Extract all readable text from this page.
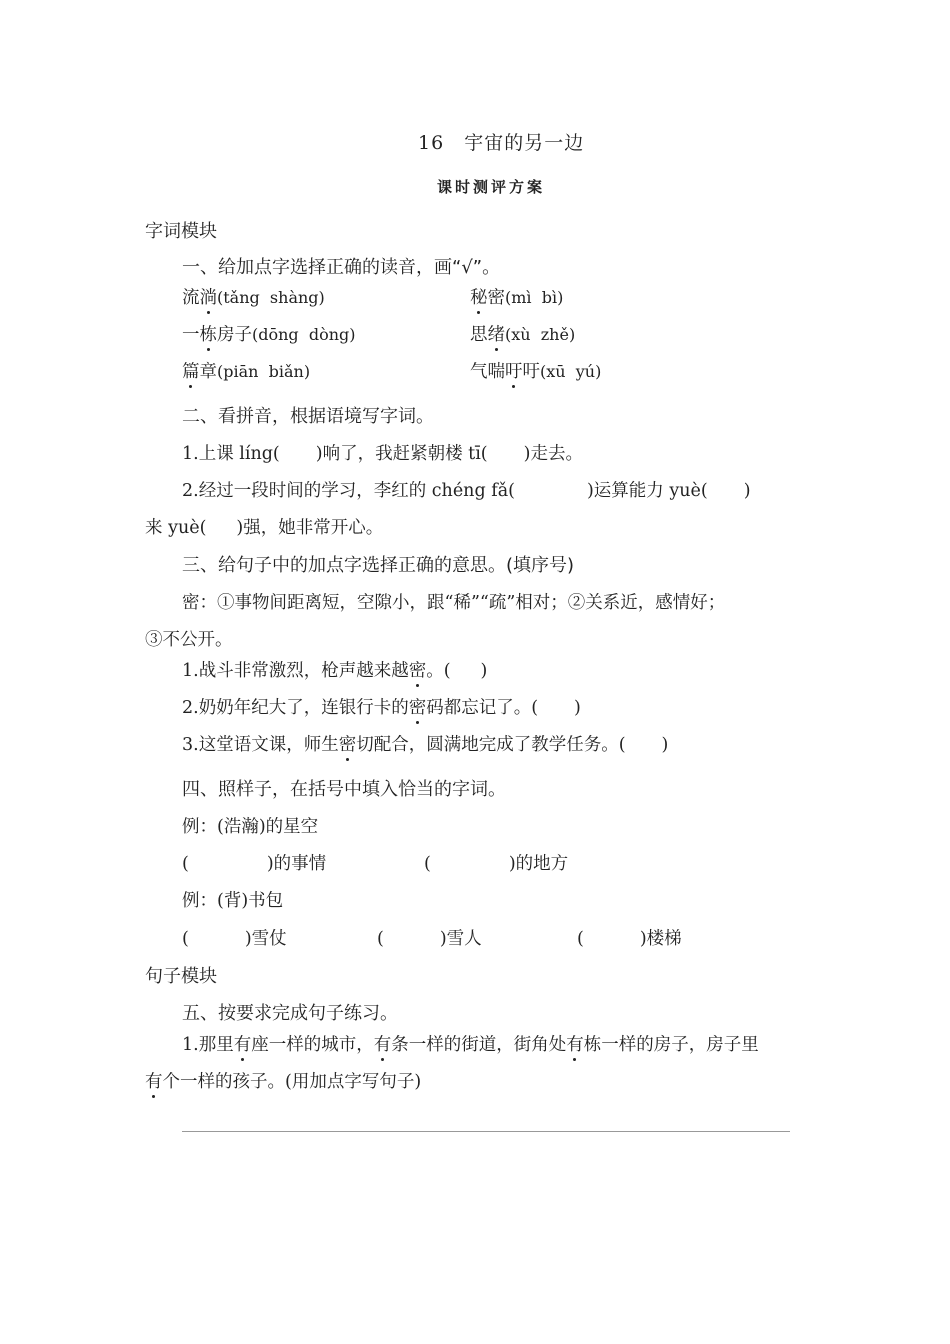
16 宇宙的另一边
课时测评方案
字词模块
一、给加点字选择正确的读音，画“√”。
流淌(tǎng  shàng)	秘密(mì  bì)
一栋房子(dōng  dòng)	思绪(xù  zhě)
篇章(piān  biǎn)	气喘吁吁(xū  yú)
二、看拼音，根据语境写字词。
1.上课 líng( )响了，我赶紧朝楼 tī( )走去。
2.经过一段时间的学习，李红的 chéng fǎ(	)运算能力 yuè( )
来 yuè( )强，她非常开心。
三、给句子中的加点字选择正确的意思。(填序号)
密：①事物间距离短，空隙小，跟“稀”“疏”相对；②关系近，感情好；
③不公开。
1.战斗非常激烈，枪声越来越密。( )
2.奶奶年纪大了，连银行卡的密码都忘记了。( )
3.这堂语文课，师生密切配合，圆满地完成了教学任务。( )
四、照样子，在括号中填入恰当的字词。
例：(浩瀚)的星空
(	)的事情	(	)的地方
例：(背)书包
(	)雪仗	(	)雪人	(	)楼梯
句子模块
五、按要求完成句子练习。
1.那里有座一样的城市，有条一样的街道，街角处有栋一样的房子，房子里
有个一样的孩子。(用加点字写句子)
